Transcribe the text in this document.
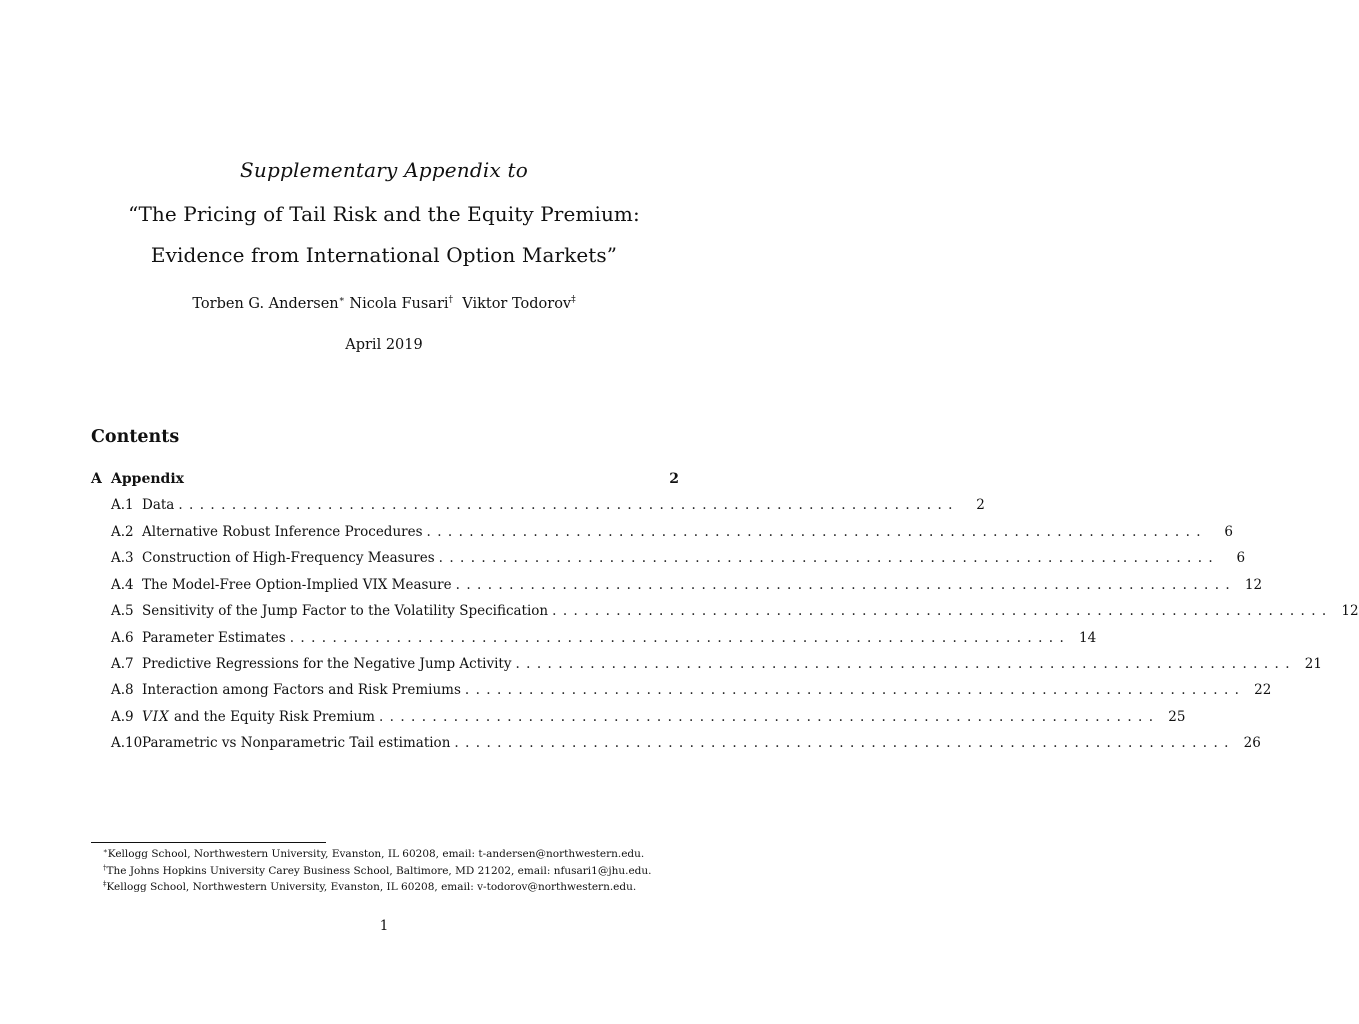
Supplementary Appendix to
“The Pricing of Tail Risk and the Equity Premium:
Evidence from International Option Markets”
Torben G. Andersen∗ Nicola Fusari† Viktor Todorov‡
April 2019
Contents
A Appendix	2
A.1 Data .........................................................................	2
A.2 Alternative Robust Inference Procedures .........................................................................	6
A.3 Construction of High-Frequency Measures .........................................................................	6
A.4 The Model-Free Option-Implied VIX Measure ......................................................................... 12
A.5 Sensitivity of the Jump Factor to the Volatility Specification ......................................................................... 12
A.6 Parameter Estimates ......................................................................... 14
A.7 Predictive Regressions for the Negative Jump Activity ......................................................................... 21
A.8 Interaction among Factors and Risk Premiums ......................................................................... 22
A.9 VIX and the Equity Risk Premium ......................................................................... 25
A.10 Parametric vs Nonparametric Tail estimation ......................................................................... 26
∗Kellogg School, Northwestern University, Evanston, IL 60208, email: t-andersen@northwestern.edu.
†The Johns Hopkins University Carey Business School, Baltimore, MD 21202, email: nfusari1@jhu.edu.
‡Kellogg School, Northwestern University, Evanston, IL 60208, email: v-todorov@northwestern.edu.
1
